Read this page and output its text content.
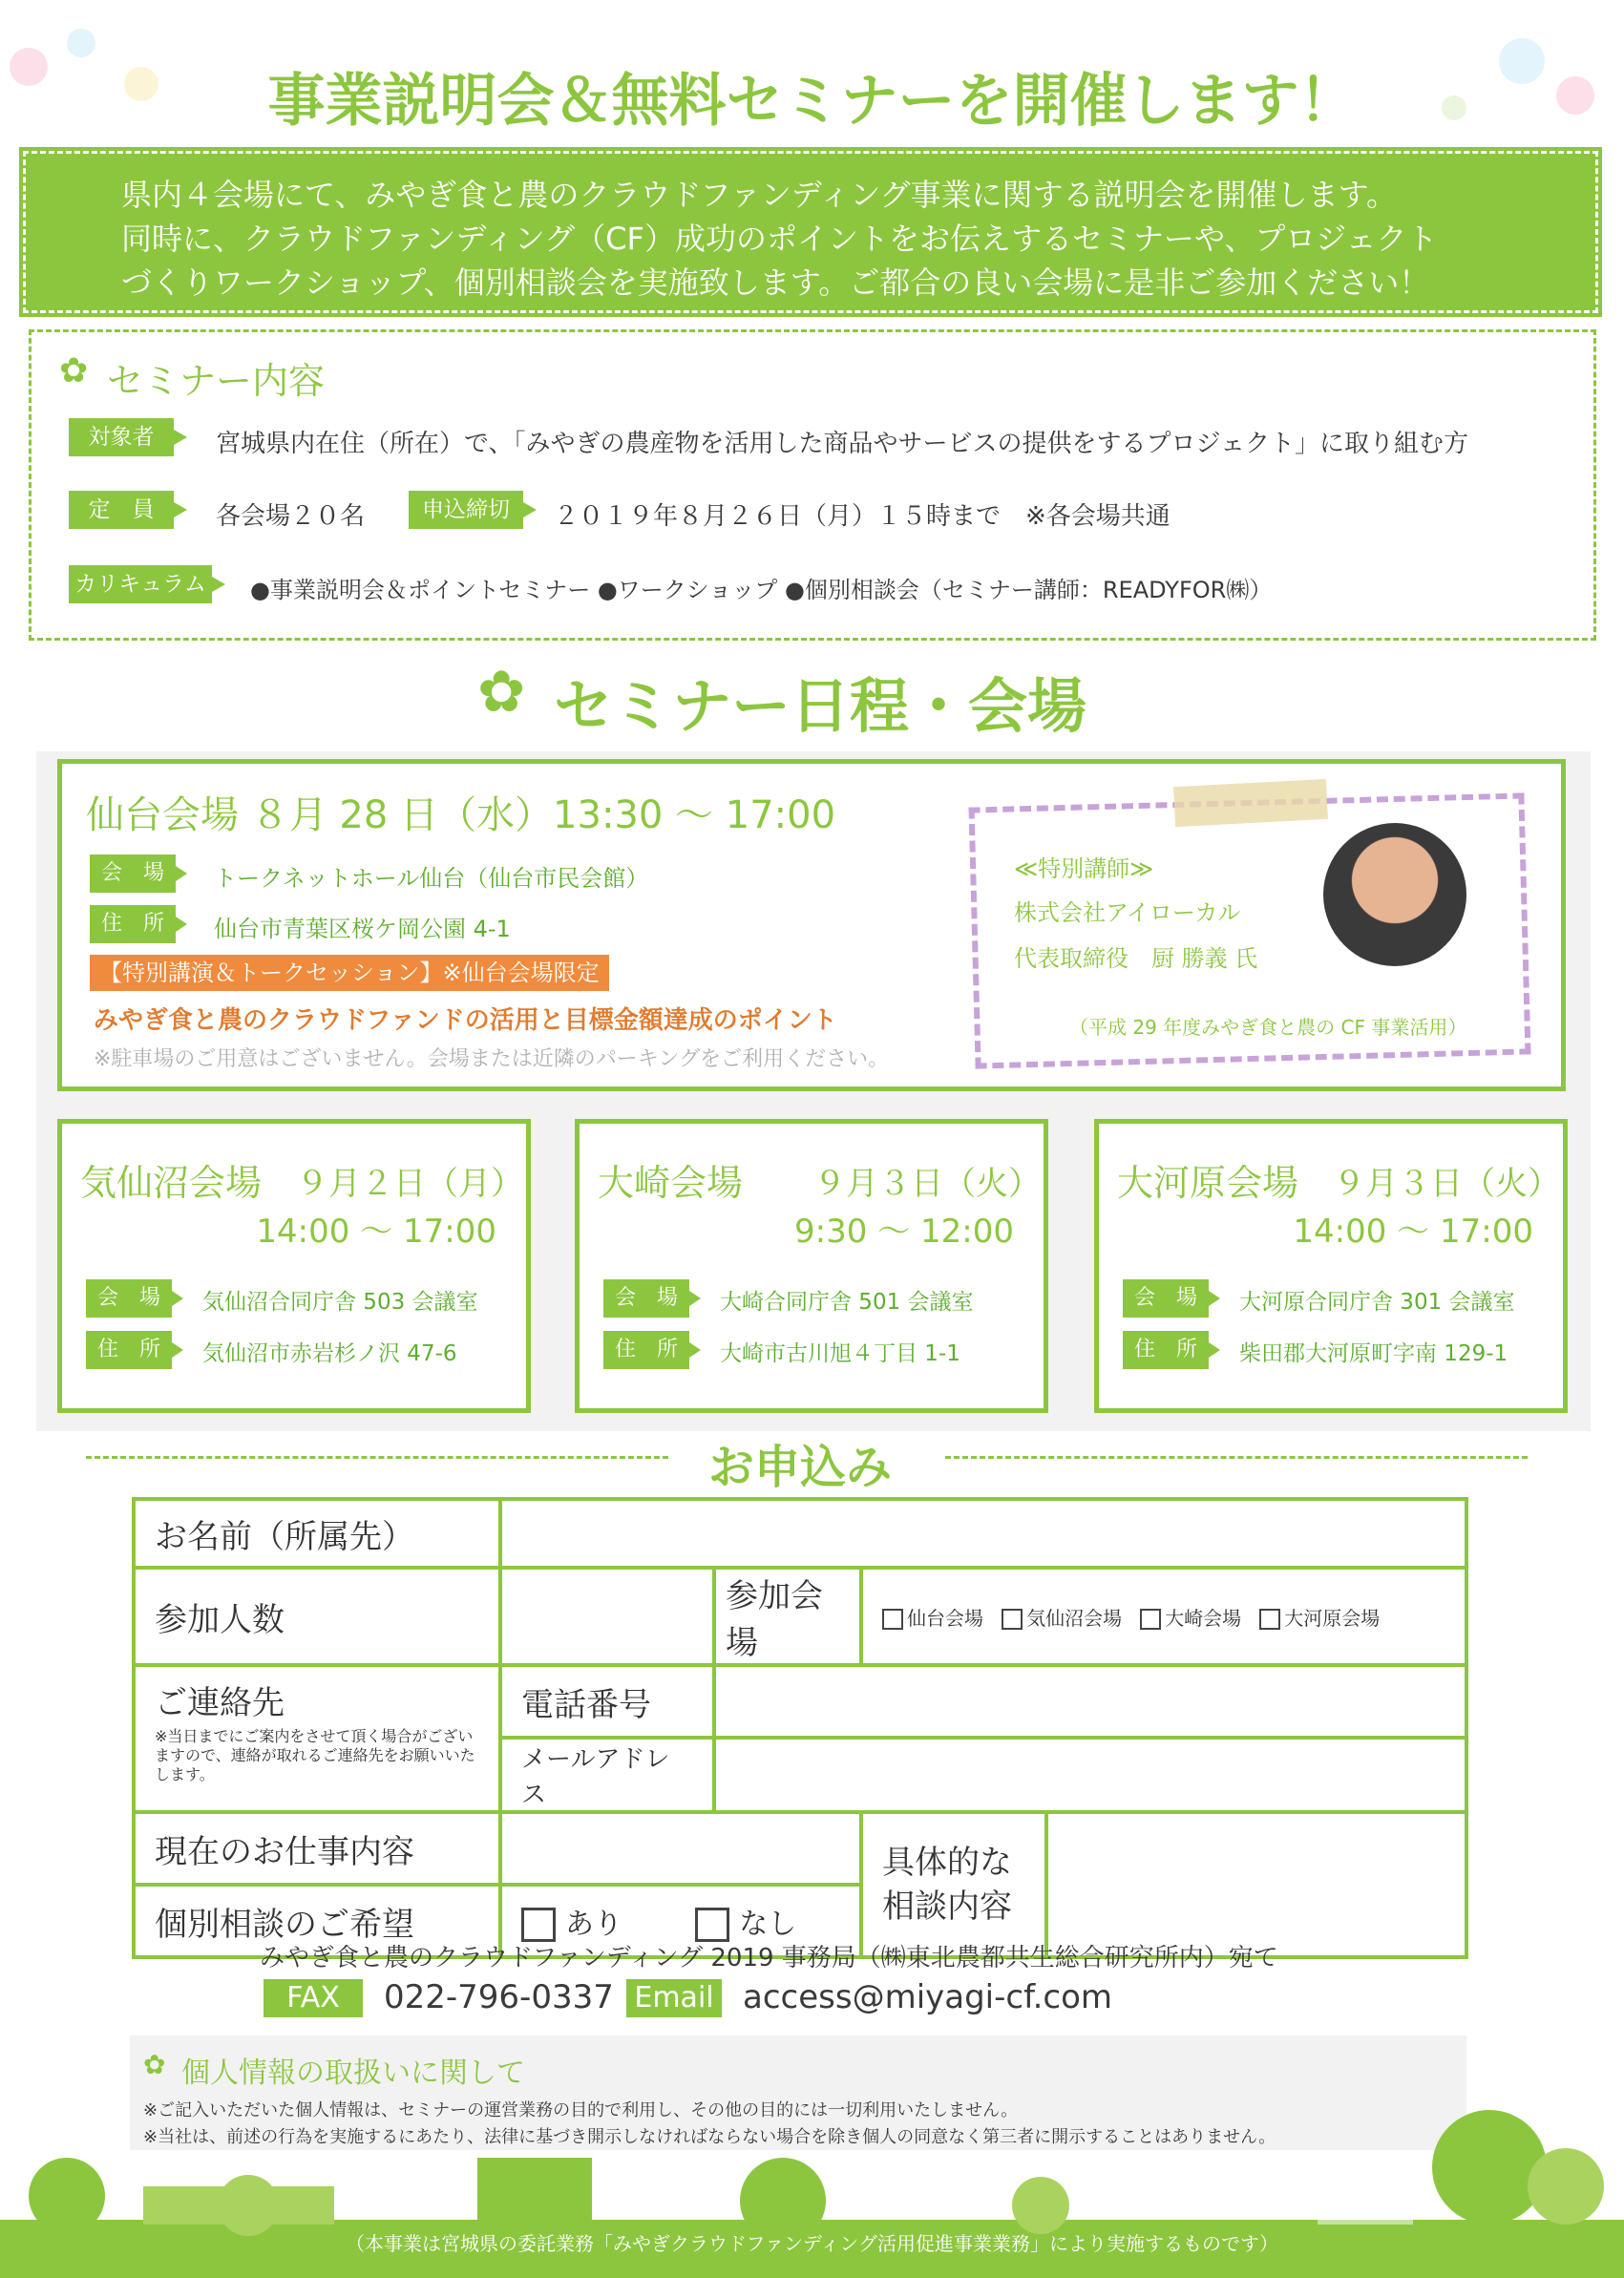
事業説明会＆無料セミナーを開催します！
県内４会場にて、みやぎ食と農のクラウドファンディング事業に関する説明会を開催します。
同時に、クラウドファンディング（CF）成功のポイントをお伝えするセミナーや、プロジェクト
づくりワークショップ、個別相談会を実施致します。ご都合の良い会場に是非ご参加ください！
✿ セミナー内容
対象者	宮城県内在住（所在）で、「みやぎの農産物を活用した商品やサービスの提供をするプロジェクト」に取り組む方
定　員	各会場２０名	申込締切	２０１９年８月２６日（月）１５時まで　※各会場共通
カリキュラム ●事業説明会＆ポイントセミナー ●ワークショップ ●個別相談会（セミナー講師：READYFOR㈱）
✿ セミナー日程・会場
仙台会場 ８月 28 日（水）13:30 ～ 17:00
会　場	トークネットホール仙台（仙台市民会館）
住　所	仙台市青葉区桜ケ岡公園 4-1
【特別講演＆トークセッション】※仙台会場限定
みやぎ食と農のクラウドファンドの活用と目標金額達成のポイント
※駐車場のご用意はございません。会場または近隣のパーキングをご利用ください。
≪特別講師≫
株式会社アイローカル
代表取締役　厨 勝義 氏
（平成 29 年度みやぎ食と農の CF 事業活用）
気仙沼会場 ９月２日（月）
14:00 ～ 17:00
会　場	気仙沼合同庁舎 503 会議室
住　所	気仙沼市赤岩杉ノ沢 47-6
大崎会場 ９月３日（火）
9:30 ～ 12:00
会　場	大崎合同庁舎 501 会議室
住　所	大崎市古川旭４丁目 1-1
大河原会場 ９月３日（火）
14:00 ～ 17:00
会　場	大河原合同庁舎 301 会議室
住　所	柴田郡大河原町字南 129-1
お申込み
お名前（所属先）				
参加人数		参加会場	仙台会場 気仙沼会場 大崎会場 大河原会場	

ご連絡先
※当日までにご案内をさせて頂く場合がございますので、連絡が取れるご連絡先をお願いいたします。	電話番号			
	メールアドレス			
現在のお仕事内容			具体的な
相談内容	

個別相談のご希望	あり なし			
みやぎ食と農のクラウドファンディング 2019 事務局（㈱東北農都共生総合研究所内）宛て
FAX	022-796-0337 Email access@miyagi-cf.com
✿ 個人情報の取扱いに関して
※ご記入いただいた個人情報は、セミナーの運営業務の目的で利用し、その他の目的には一切利用いたしません。
※当社は、前述の行為を実施するにあたり、法律に基づき開示しなければならない場合を除き個人の同意なく第三者に開示することはありません。
（本事業は宮城県の委託業務「みやぎクラウドファンディング活用促進事業業務」により実施するものです）
